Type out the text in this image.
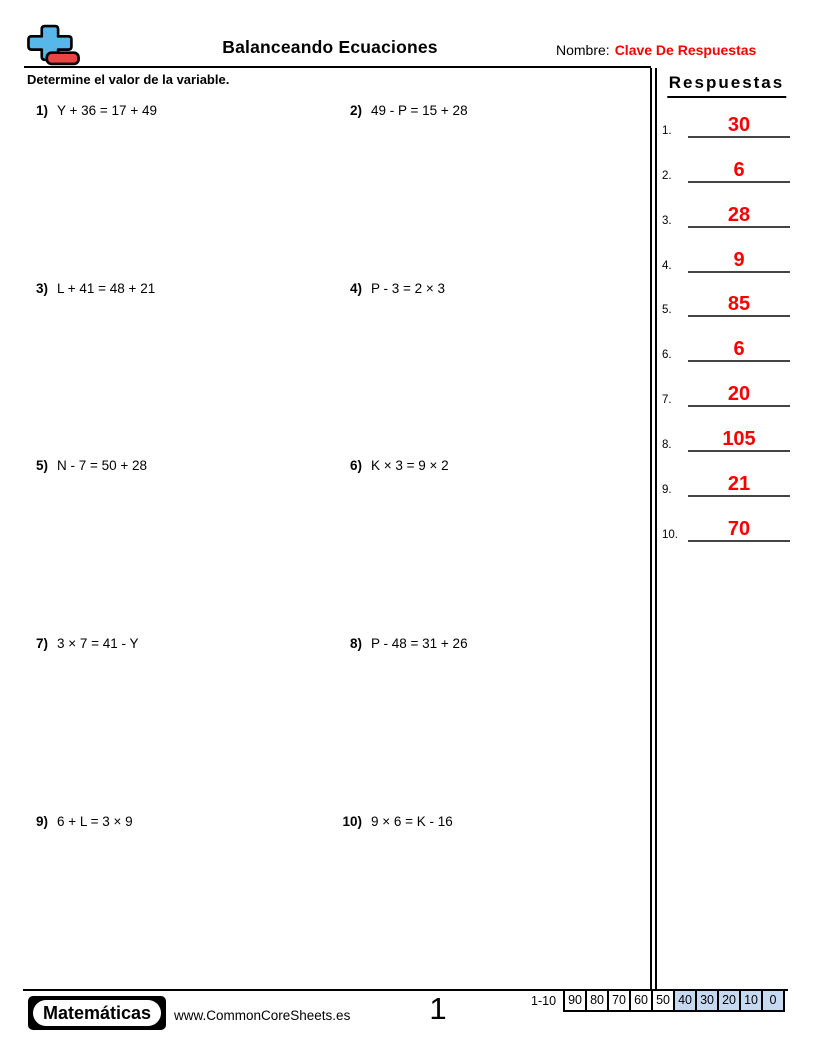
Balanceando Ecuaciones	Nombre: Clave De Respuestas
Determine el valor de la variable.
1) Y + 36 = 17 + 49	2) 49 - P = 15 + 28
3) L + 41 = 48 + 21	4) P - 3 = 2 × 3
5) N - 7 = 50 + 28	6) K × 3 = 9 × 2
7) 3 × 7 = 41 - Y	8) P - 48 = 31 + 26
9) 6 + L = 3 × 9	10) 9 × 6 = K - 16
Respuestas
1.	30
2.	6
3.	28
4.	9
5.	85
6.	6
7.	20
8.	105
9.	21
10.	70
Matemáticas	www.CommonCoreSheets.es	1	1-10 90 80 70 60 50 40 30 20 10 0
